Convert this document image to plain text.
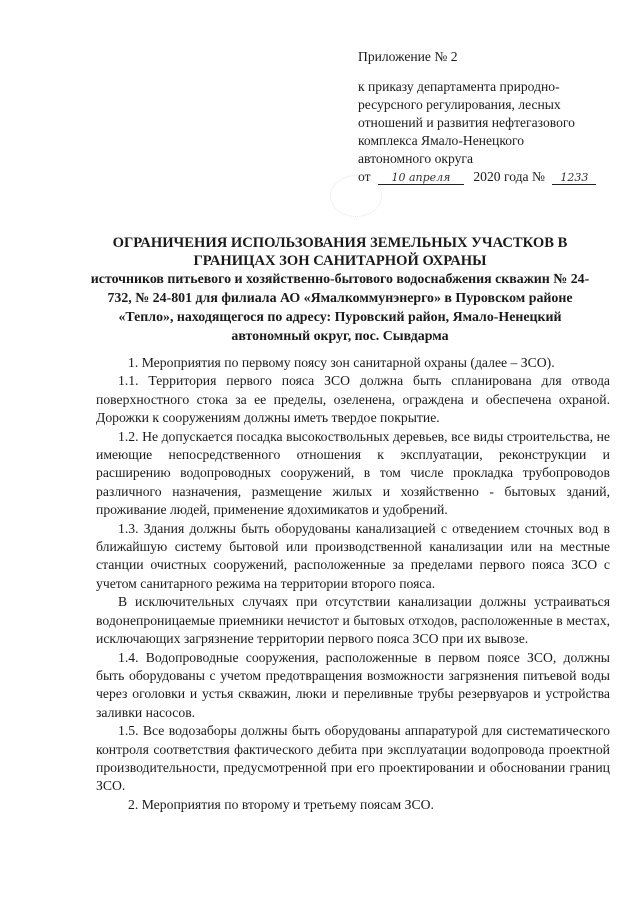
Приложение № 2
к приказу департамента природно-
ресурсного регулирования, лесных
отношений и развития нефтегазового
комплекса Ямало-Ненецкого
автономного округа
от 10 апреля 2020 года № 1233

ОГРАНИЧЕНИЯ ИСПОЛЬЗОВАНИЯ ЗЕМЕЛЬНЫХ УЧАСТКОВ В

ГРАНИЦАХ ЗОН САНИТАРНОЙ ОХРАНЫ

источников питьевого и хозяйственно-бытового водоснабжения скважин № 24-732, № 24-801 для филиала АО «Ямалкоммунэнерго» в Пуровском районе «Тепло», находящегося по адресу: Пуровский район, Ямало-Ненецкий автономный округ, пос. Сывдарма

1. Мероприятия по первому поясу зон санитарной охраны (далее – ЗСО).

1.1. Территория первого пояса ЗСО должна быть спланирована для отвода поверхностного стока за ее пределы, озеленена, ограждена и обеспечена охраной. Дорожки к сооружениям должны иметь твердое покрытие.

1.2. Не допускается посадка высокоствольных деревьев, все виды строительства, не имеющие непосредственного отношения к эксплуатации, реконструкции и расширению водопроводных сооружений, в том числе прокладка трубопроводов различного назначения, размещение жилых и хозяйственно - бытовых зданий, проживание людей, применение ядохимикатов и удобрений.

1.3. Здания должны быть оборудованы канализацией с отведением сточных вод в ближайшую систему бытовой или производственной канализации или на местные станции очистных сооружений, расположенные за пределами первого пояса ЗСО с учетом санитарного режима на территории второго пояса.

В исключительных случаях при отсутствии канализации должны устраиваться водонепроницаемые приемники нечистот и бытовых отходов, расположенные в местах, исключающих загрязнение территории первого пояса ЗСО при их вывозе.

1.4. Водопроводные сооружения, расположенные в первом поясе ЗСО, должны быть оборудованы с учетом предотвращения возможности загрязнения питьевой воды через оголовки и устья скважин, люки и переливные трубы резервуаров и устройства заливки насосов.

1.5. Все водозаборы должны быть оборудованы аппаратурой для систематического контроля соответствия фактического дебита при эксплуатации водопровода проектной производительности, предусмотренной при его проектировании и обосновании границ ЗСО.

2. Мероприятия по второму и третьему поясам ЗСО.
